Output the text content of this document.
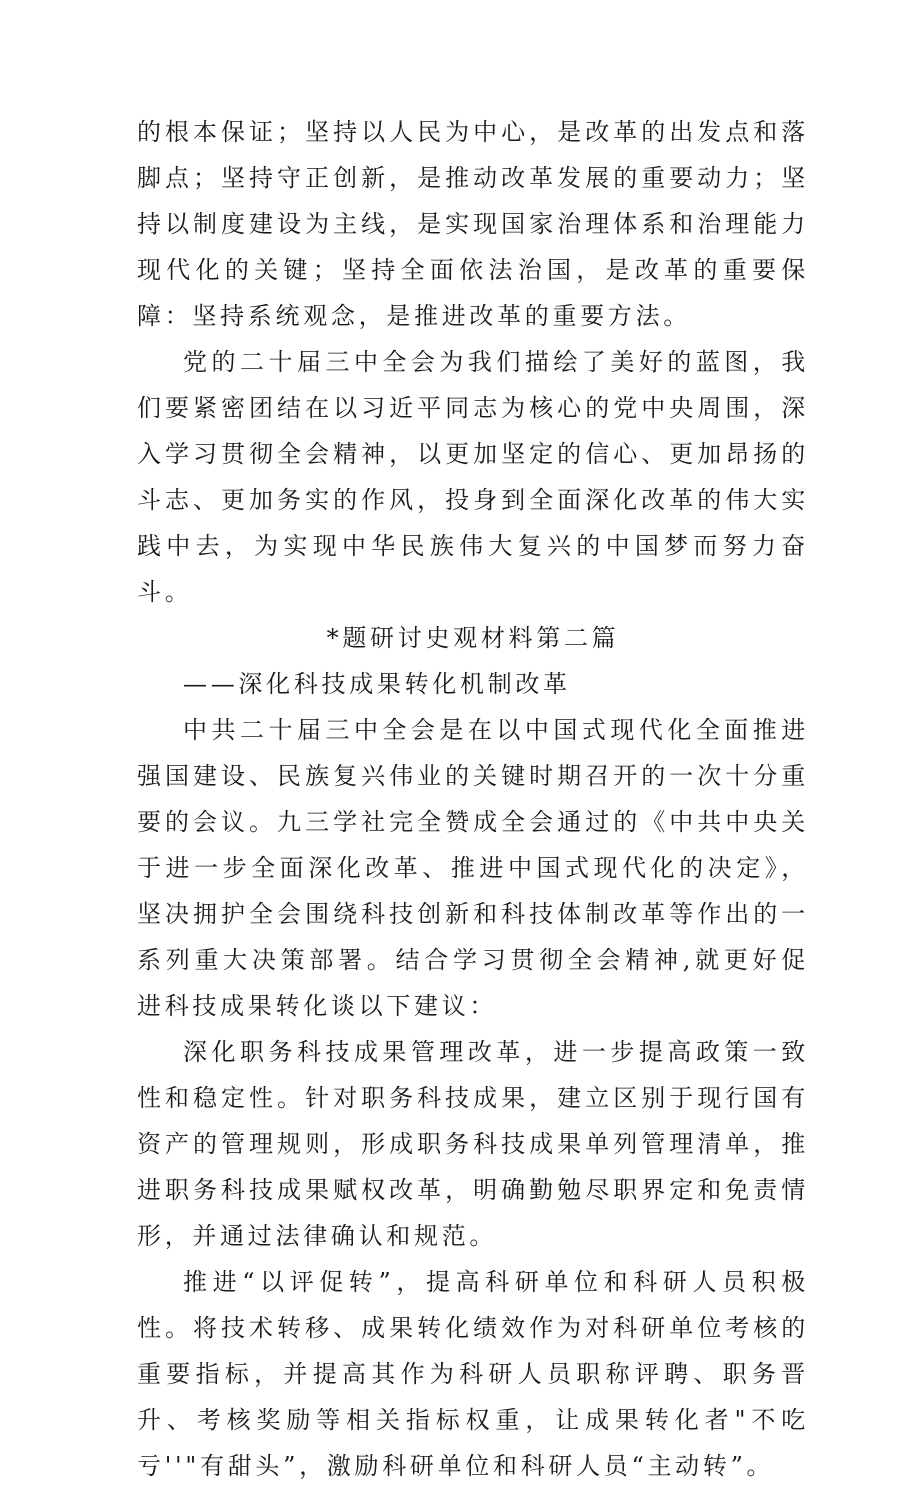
的根本保证；坚持以人民为中心，是改革的出发点和落脚点；坚持守正创新，是推动改革发展的重要动力；坚持以制度建设为主线，是实现国家治理体系和治理能力现代化的关键；坚持全面依法治国，是改革的重要保障：坚持系统观念，是推进改革的重要方法。

党的二十届三中全会为我们描绘了美好的蓝图，我们要紧密团结在以习近平同志为核心的党中央周围，深入学习贯彻全会精神，以更加坚定的信心、更加昂扬的斗志、更加务实的作风，投身到全面深化改革的伟大实践中去，为实现中华民族伟大复兴的中国梦而努力奋斗。

*题研讨史观材料第二篇

——深化科技成果转化机制改革

中共二十届三中全会是在以中国式现代化全面推进强国建设、民族复兴伟业的关键时期召开的一次十分重要的会议。九三学社完全赞成全会通过的《中共中央关于进一步全面深化改革、推进中国式现代化的决定》，坚决拥护全会围绕科技创新和科技体制改革等作出的一系列重大决策部署。结合学习贯彻全会精神,就更好促进科技成果转化谈以下建议：

深化职务科技成果管理改革，进一步提高政策一致性和稳定性。针对职务科技成果，建立区别于现行国有资产的管理规则，形成职务科技成果单列管理清单，推进职务科技成果赋权改革，明确勤勉尽职界定和免责情形，并通过法律确认和规范。

推进“以评促转”，提高科研单位和科研人员积极性。将技术转移、成果转化绩效作为对科研单位考核的重要指标，并提高其作为科研人员职称评聘、职务晋升、考核奖励等相关指标权重，让成果转化者"不吃亏''"有甜头”，激励科研单位和科研人员“主动转”。
